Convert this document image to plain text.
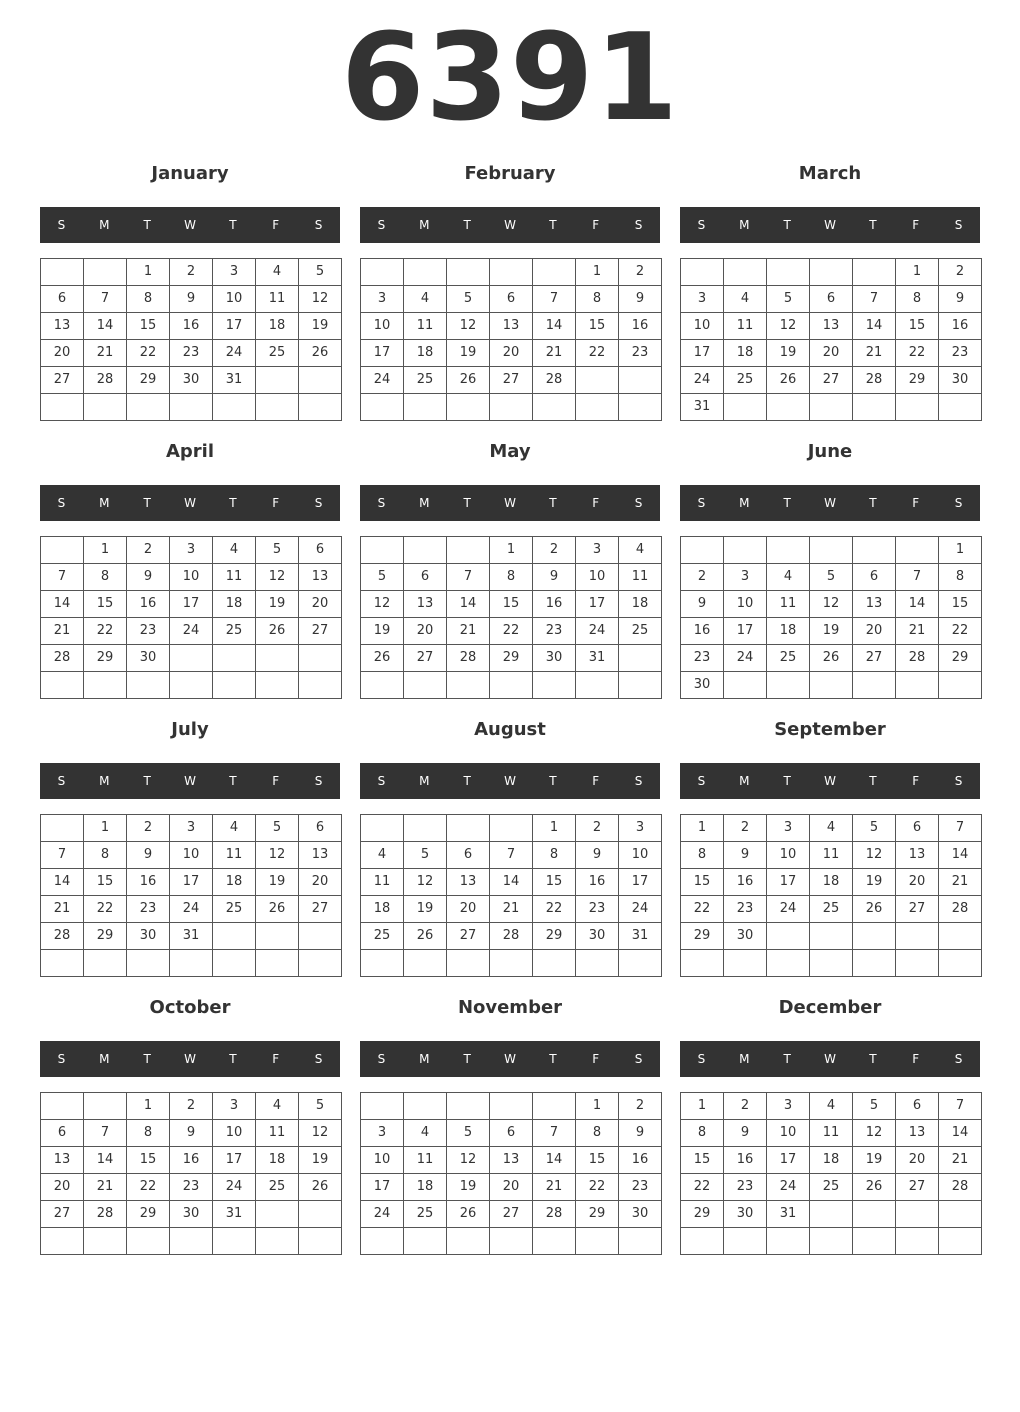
6391
January
S	M	T	W	T	F	S
		1	2	3	4	5
6	7	8	9	10	11	12
13	14	15	16	17	18	19
20	21	22	23	24	25	26
27	28	29	30	31		

February
S	M	T	W	T	F	S
					1	2
3	4	5	6	7	8	9
10	11	12	13	14	15	16
17	18	19	20	21	22	23
24	25	26	27	28		

March
S	M	T	W	T	F	S
					1	2
3	4	5	6	7	8	9
10	11	12	13	14	15	16
17	18	19	20	21	22	23
24	25	26	27	28	29	30
31						
April
S	M	T	W	T	F	S
	1	2	3	4	5	6
7	8	9	10	11	12	13
14	15	16	17	18	19	20
21	22	23	24	25	26	27
28	29	30				

May
S	M	T	W	T	F	S
			1	2	3	4
5	6	7	8	9	10	11
12	13	14	15	16	17	18
19	20	21	22	23	24	25
26	27	28	29	30	31	

June
S	M	T	W	T	F	S
						1
2	3	4	5	6	7	8
9	10	11	12	13	14	15
16	17	18	19	20	21	22
23	24	25	26	27	28	29
30						
July
S	M	T	W	T	F	S
	1	2	3	4	5	6
7	8	9	10	11	12	13
14	15	16	17	18	19	20
21	22	23	24	25	26	27
28	29	30	31			

August
S	M	T	W	T	F	S
				1	2	3
4	5	6	7	8	9	10
11	12	13	14	15	16	17
18	19	20	21	22	23	24
25	26	27	28	29	30	31

September
S	M	T	W	T	F	S
1	2	3	4	5	6	7
8	9	10	11	12	13	14
15	16	17	18	19	20	21
22	23	24	25	26	27	28
29	30					

October
S	M	T	W	T	F	S
		1	2	3	4	5
6	7	8	9	10	11	12
13	14	15	16	17	18	19
20	21	22	23	24	25	26
27	28	29	30	31		

November
S	M	T	W	T	F	S
					1	2
3	4	5	6	7	8	9
10	11	12	13	14	15	16
17	18	19	20	21	22	23
24	25	26	27	28	29	30

December
S	M	T	W	T	F	S
1	2	3	4	5	6	7
8	9	10	11	12	13	14
15	16	17	18	19	20	21
22	23	24	25	26	27	28
29	30	31				
